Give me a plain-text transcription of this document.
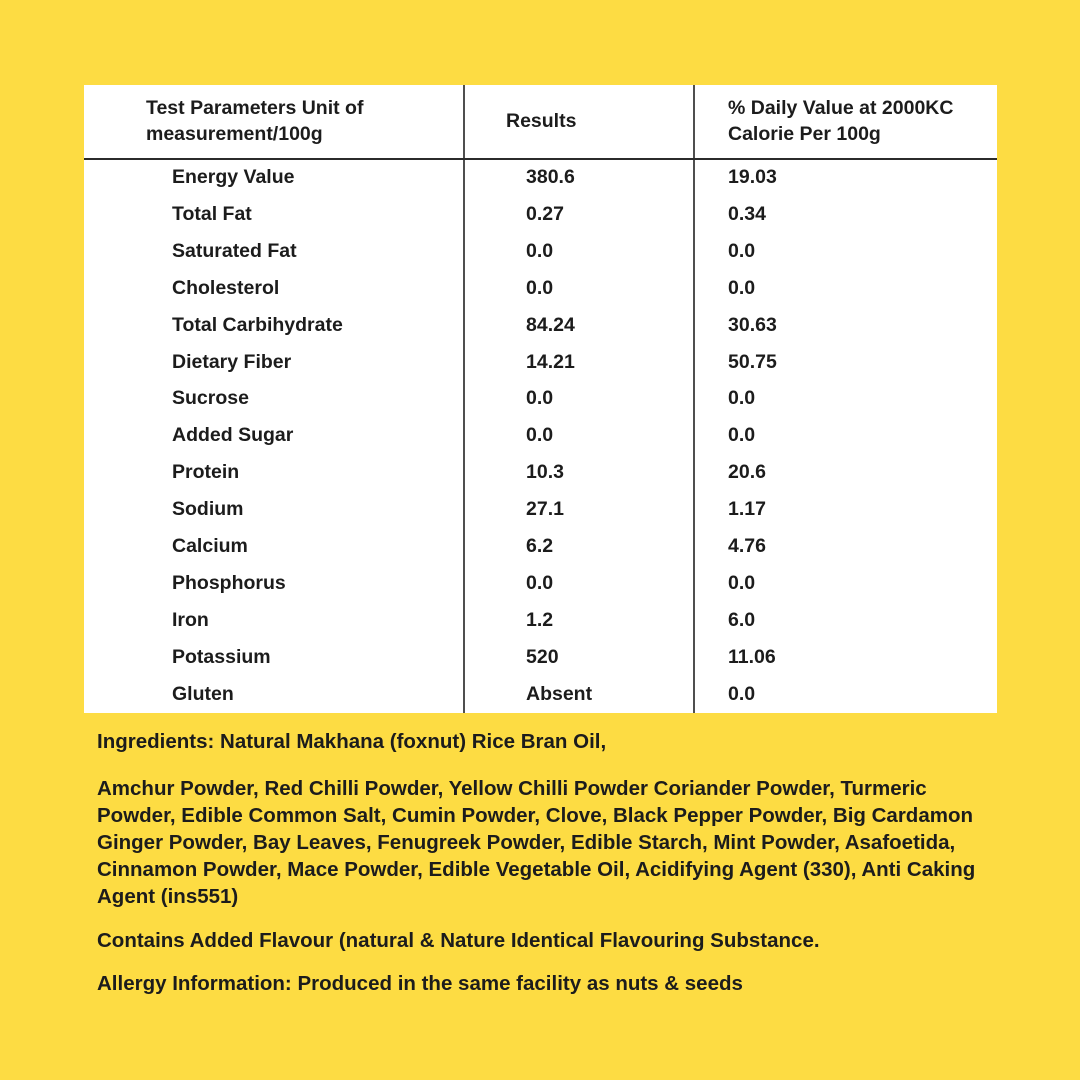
Test Parameters Unit of
measurement/100g	Results	% Daily Value at 2000KC
Calorie Per 100g
Energy Value	380.6	19.03
Total Fat	0.27	0.34
Saturated Fat	0.0	0.0
Cholesterol	0.0	0.0
Total Carbihydrate	84.24	30.63
Dietary Fiber	14.21	50.75
Sucrose	0.0	0.0
Added Sugar	0.0	0.0
Protein	10.3	20.6
Sodium	27.1	1.17
Calcium	6.2	4.76
Phosphorus	0.0	0.0
Iron	1.2	6.0
Potassium	520	11.06
Gluten	Absent	0.0

Ingredients: Natural Makhana (foxnut) Rice Bran Oil,

Amchur Powder, Red Chilli Powder, Yellow Chilli Powder Coriander Powder, Turmeric Powder, Edible Common Salt, Cumin Powder, Clove, Black Pepper Powder, Big Cardamon Ginger Powder, Bay Leaves, Fenugreek Powder, Edible Starch, Mint Powder, Asafoetida, Cinnamon Powder, Mace Powder, Edible Vegetable Oil, Acidifying Agent (330), Anti Caking Agent (ins551)

Contains Added Flavour (natural & Nature Identical Flavouring Substance.

Allergy Information: Produced in the same facility as nuts & seeds
